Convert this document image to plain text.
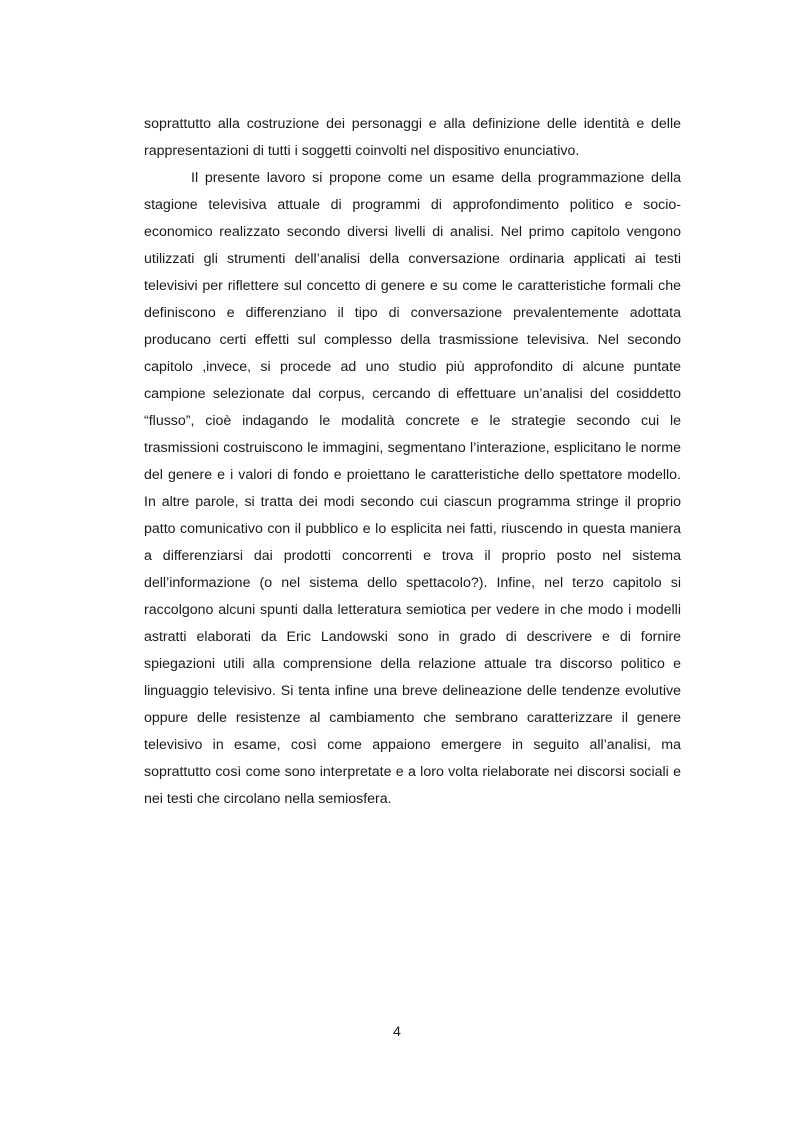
soprattutto alla costruzione dei personaggi e alla definizione delle identità e delle rappresentazioni di tutti i soggetti coinvolti nel dispositivo enunciativo.

Il presente lavoro si propone come un esame della programmazione della stagione televisiva attuale di programmi di approfondimento politico e socio-economico realizzato secondo diversi livelli di analisi. Nel primo capitolo vengono utilizzati gli strumenti dell’analisi della conversazione ordinaria applicati ai testi televisivi per riflettere sul concetto di genere e su come le caratteristiche formali che definiscono e differenziano il tipo di conversazione prevalentemente adottata producano certi effetti sul complesso della trasmissione televisiva. Nel secondo capitolo ,invece, si procede ad uno studio più approfondito di alcune puntate campione selezionate dal corpus, cercando di effettuare un’analisi del cosiddetto “flusso”, cioè indagando le modalità concrete e le strategie secondo cui le trasmissioni costruiscono le immagini, segmentano l’interazione, esplicitano le norme del genere e i valori di fondo e proiettano le caratteristiche dello spettatore modello. In altre parole, si tratta dei modi secondo cui ciascun programma stringe il proprio patto comunicativo con il pubblico e lo esplicita nei fatti, riuscendo in questa maniera a differenziarsi dai prodotti concorrenti e trova il proprio posto nel sistema dell’informazione (o nel sistema dello spettacolo?). Infine, nel terzo capitolo si raccolgono alcuni spunti dalla letteratura semiotica per vedere in che modo i modelli astratti elaborati da Eric Landowski sono in grado di descrivere e di fornire spiegazioni utili alla comprensione della relazione attuale tra discorso politico e linguaggio televisivo. Si tenta infine una breve delineazione delle tendenze evolutive oppure delle resistenze al cambiamento che sembrano caratterizzare il genere televisivo in esame, così come appaiono emergere in seguito all’analisi, ma soprattutto così come sono interpretate e a loro volta rielaborate nei discorsi sociali e nei testi che circolano nella semiosfera.

4
